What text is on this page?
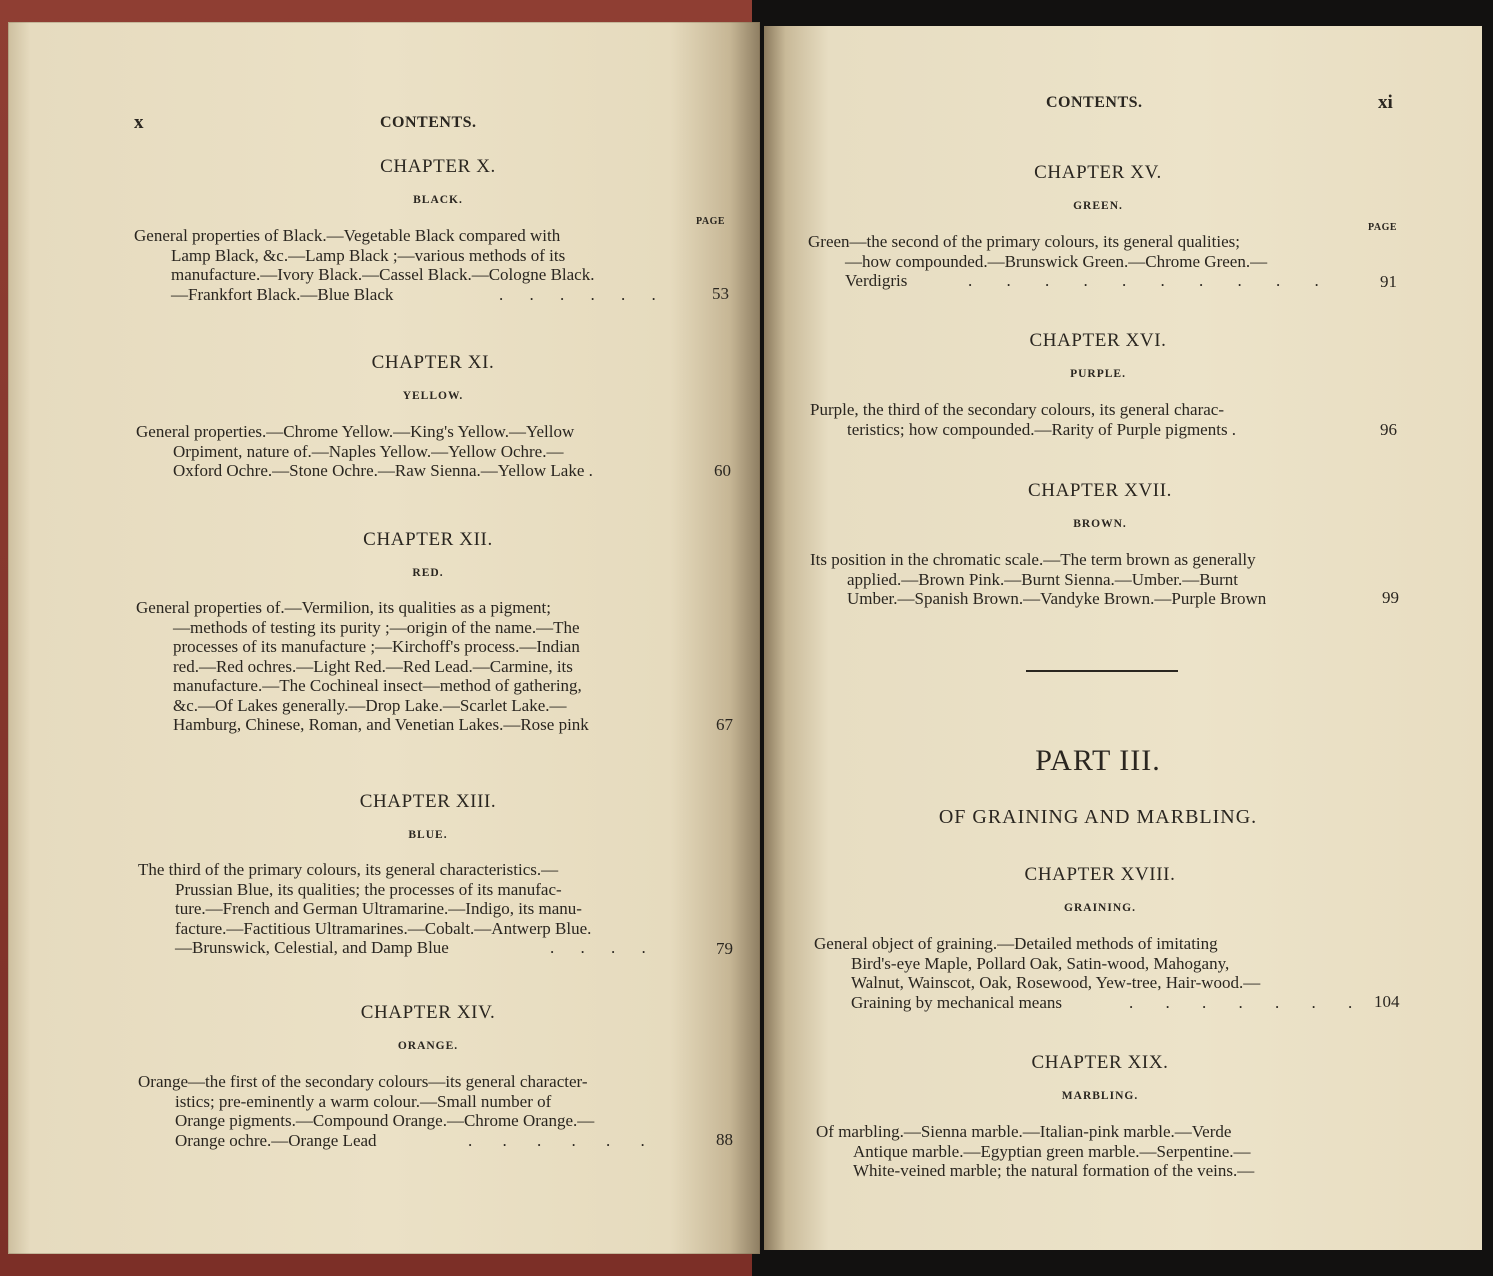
x	CONTENTS.
CHAPTER X.
BLACK.
PAGE
General properties of Black.—Vegetable Black compared with
Lamp Black, &c.—Lamp Black ;—various methods of its
manufacture.—Ivory Black.—Cassel Black.—Cologne Black.
—Frankfort Black.—Blue Black	. . . . . .	53
CHAPTER XI.
YELLOW.
General properties.—Chrome Yellow.—King's Yellow.—Yellow
Orpiment, nature of.—Naples Yellow.—Yellow Ochre.—
Oxford Ochre.—Stone Ochre.—Raw Sienna.—Yellow Lake .	60
CHAPTER XII.
RED.
General properties of.—Vermilion, its qualities as a pigment;
—methods of testing its purity ;—origin of the name.—The
processes of its manufacture ;—Kirchoff's process.—Indian
red.—Red ochres.—Light Red.—Red Lead.—Carmine, its
manufacture.—The Cochineal insect—method of gathering,
&c.—Of Lakes generally.—Drop Lake.—Scarlet Lake.—
Hamburg, Chinese, Roman, and Venetian Lakes.—Rose pink	67
CHAPTER XIII.
BLUE.
The third of the primary colours, its general characteristics.—
Prussian Blue, its qualities; the processes of its manufac-
ture.—French and German Ultramarine.—Indigo, its manu-
facture.—Factitious Ultramarines.—Cobalt.—Antwerp Blue.
—Brunswick, Celestial, and Damp Blue	. . . .	79
CHAPTER XIV.
ORANGE.
Orange—the first of the secondary colours—its general character-
istics; pre-eminently a warm colour.—Small number of
Orange pigments.—Compound Orange.—Chrome Orange.—
Orange ochre.—Orange Lead	. . . . . .	88
CONTENTS.	xi
CHAPTER XV.
GREEN.
PAGE
Green—the second of the primary colours, its general qualities;
—how compounded.—Brunswick Green.—Chrome Green.—
Verdigris	. . . . . . . . . .	91
CHAPTER XVI.
PURPLE.
Purple, the third of the secondary colours, its general charac-
teristics; how compounded.—Rarity of Purple pigments .	96
CHAPTER XVII.
BROWN.
Its position in the chromatic scale.—The term brown as generally
applied.—Brown Pink.—Burnt Sienna.—Umber.—Burnt
Umber.—Spanish Brown.—Vandyke Brown.—Purple Brown	99
PART III.
OF GRAINING AND MARBLING.
CHAPTER XVIII.
GRAINING.
General object of graining.—Detailed methods of imitating
Bird's-eye Maple, Pollard Oak, Satin-wood, Mahogany,
Walnut, Wainscot, Oak, Rosewood, Yew-tree, Hair-wood.—
Graining by mechanical means	. . . . . . . 104
CHAPTER XIX.
MARBLING.
Of marbling.—Sienna marble.—Italian-pink marble.—Verde
Antique marble.—Egyptian green marble.—Serpentine.—
White-veined marble; the natural formation of the veins.—
